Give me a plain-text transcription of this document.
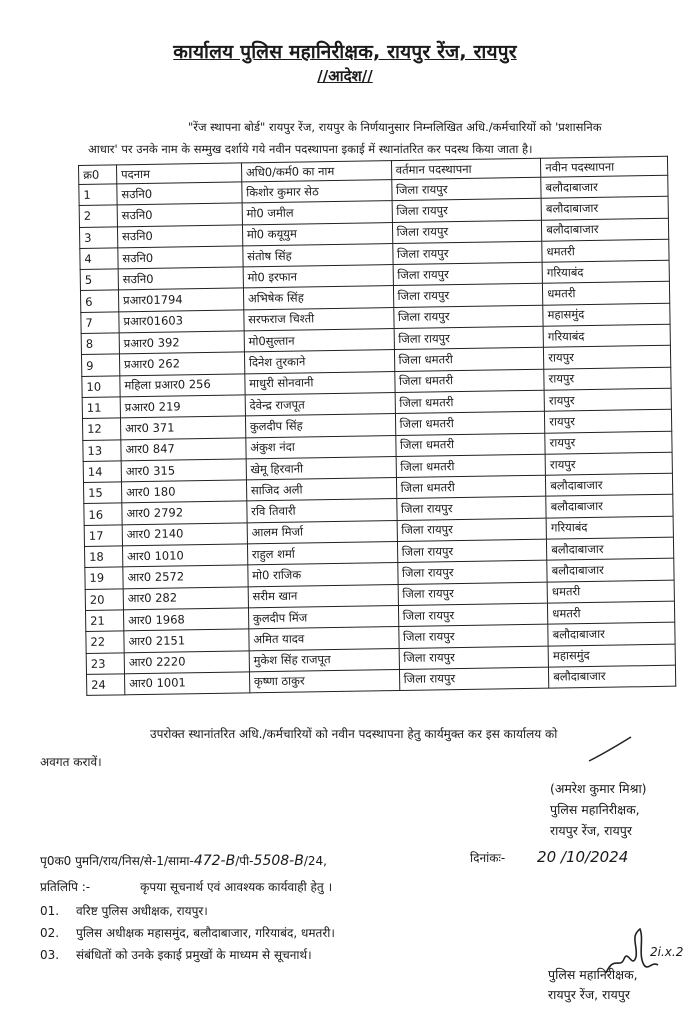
कार्यालय पुलिस महानिरीक्षक, रायपुर रेंज, रायपुर
//आदेश//
"रेंज स्थापना बोर्ड" रायपुर रेंज, रायपुर के निर्णयानुसार निम्नलिखित अधि./कर्मचारियों को 'प्रशासनिक
आधार' पर उनके नाम के सम्मुख दर्शाये गये नवीन पदस्थापना इकाई में स्थानांतरित कर पदस्थ किया जाता है।
क्र0	पदनाम	अधि0/कर्म0 का नाम	वर्तमान पदस्थापना	नवीन पदस्थापना
1	सउनि0	किशोर कुमार सेठ	जिला रायपुर	बलौदाबाजार
2	सउनि0	मो0 जमील	जिला रायपुर	बलौदाबाजार
3	सउनि0	मो0 कयूयुम	जिला रायपुर	बलौदाबाजार
4	सउनि0	संतोष सिंह	जिला रायपुर	धमतरी
5	सउनि0	मो0 इरफान	जिला रायपुर	गरियाबंद
6	प्रआर01794	अभिषेक सिंह	जिला रायपुर	धमतरी
7	प्रआर01603	सरफराज चिश्ती	जिला रायपुर	महासमुंद
8	प्रआर0 392	मो0सुल्तान	जिला रायपुर	गरियाबंद
9	प्रआर0 262	दिनेश तुरकाने	जिला धमतरी	रायपुर
10	महिला प्रआर0 256	माधुरी सोनवानी	जिला धमतरी	रायपुर
11	प्रआर0 219	देवेन्द्र राजपूत	जिला धमतरी	रायपुर
12	आर0 371	कुलदीप सिंह	जिला धमतरी	रायपुर
13	आर0 847	अंकुश नंदा	जिला धमतरी	रायपुर
14	आर0 315	खेमू हिरवानी	जिला धमतरी	रायपुर
15	आर0 180	साजिद अली	जिला धमतरी	बलौदाबाजार
16	आर0 2792	रवि तिवारी	जिला रायपुर	बलौदाबाजार
17	आर0 2140	आलम मिर्जा	जिला रायपुर	गरियाबंद
18	आर0 1010	राहुल शर्मा	जिला रायपुर	बलौदाबाजार
19	आर0 2572	मो0 राजिक	जिला रायपुर	बलौदाबाजार
20	आर0 282	सरीम खान	जिला रायपुर	धमतरी
21	आर0 1968	कुलदीप मिंज	जिला रायपुर	धमतरी
22	आर0 2151	अमित यादव	जिला रायपुर	बलौदाबाजार
23	आर0 2220	मुकेश सिंह राजपूत	जिला रायपुर	महासमुंद
24	आर0 1001	कृष्णा ठाकुर	जिला रायपुर	बलौदाबाजार
उपरोक्त स्थानांतरित अधि./कर्मचारियों को नवीन पदस्थापना हेतु कार्यमुक्त कर इस कार्यालय को
अवगत करावें।
(अमरेश कुमार मिश्रा)
पुलिस महानिरीक्षक,
रायपुर रेंज, रायपुर
पृ0क0 पुमनि/राय/निस/से-1/सामा-472-B/पी-5508-B/24,	दिनांकः- 20 /10/2024
प्रतिलिपि :-	कृपया सूचनार्थ एवं आवश्यक कार्यवाही हेतु ।
01. वरिष्ट पुलिस अधीक्षक, रायपुर।
02. पुलिस अधीक्षक महासमुंद, बलौदाबाजार, गरियाबंद, धमतरी।
03. संबंधितों को उनके इकाई प्रमुखों के माध्यम से सूचनार्थ।	2i.x.2
पुलिस महानिरीक्षक,
रायपुर रेंज, रायपुर
